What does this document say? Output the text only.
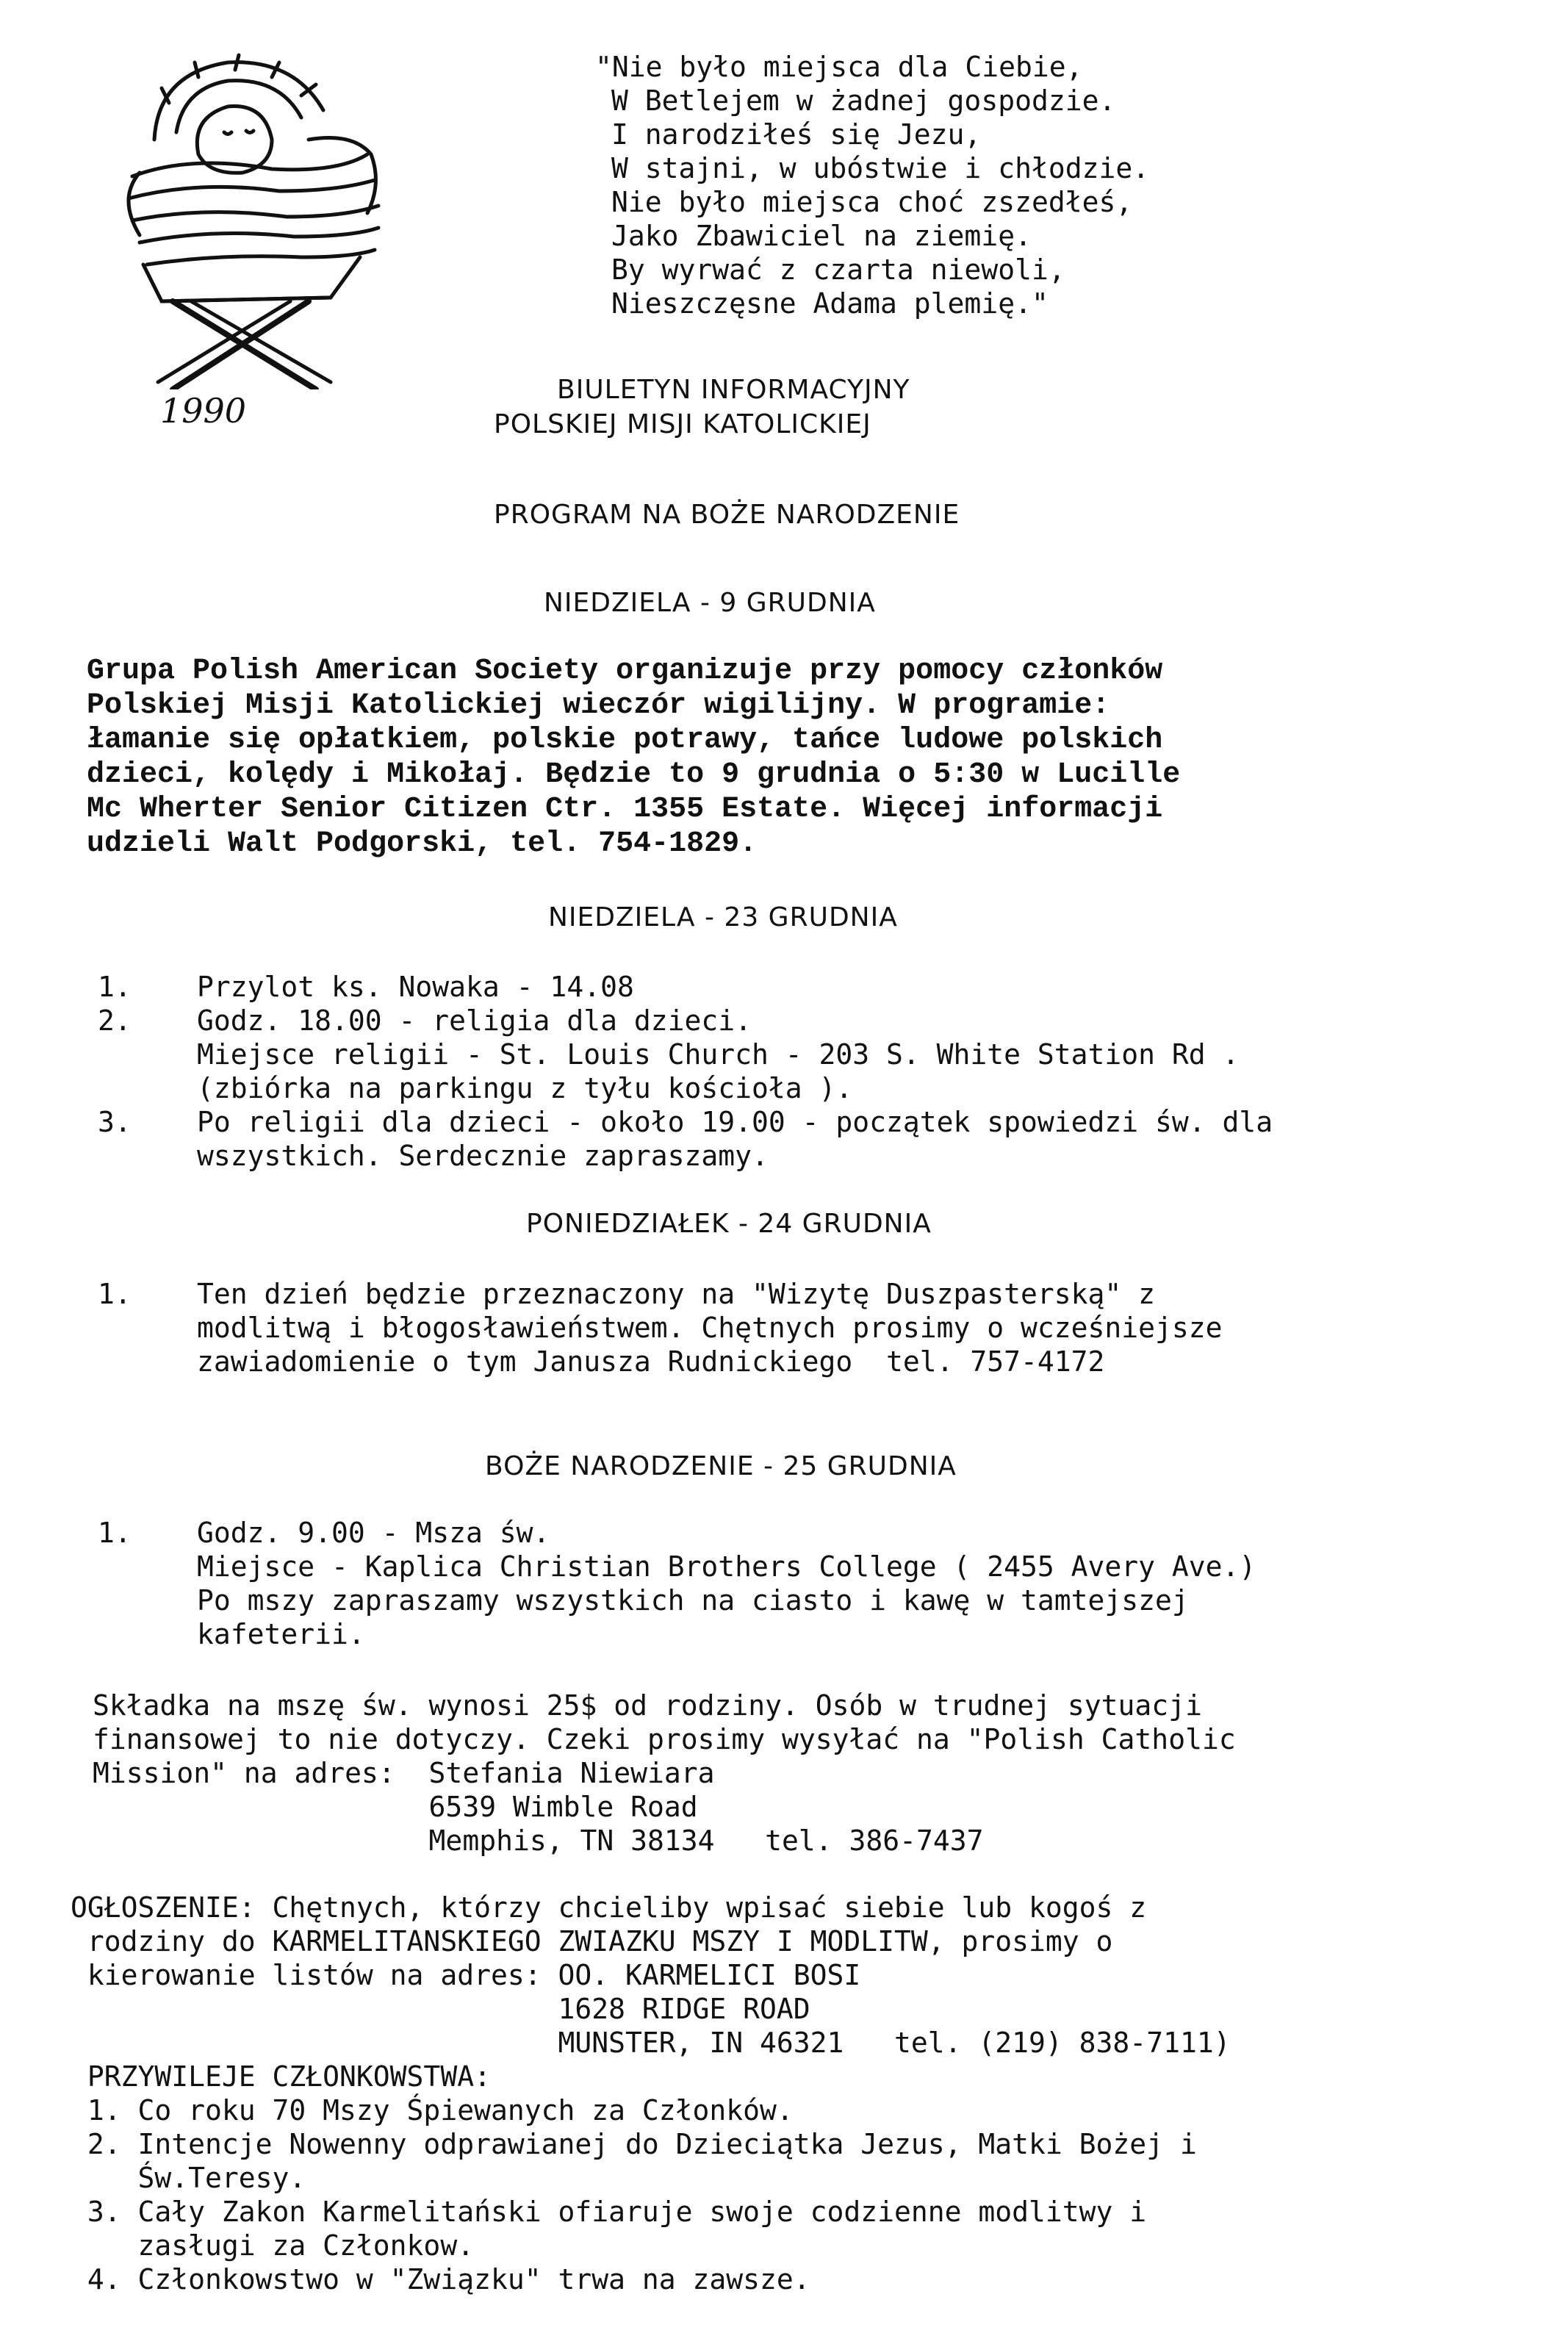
1990
"Nie było miejsca dla Ciebie,
W Betlejem w żadnej gospodzie.
I narodziłeś się Jezu,
W stajni, w ubóstwie i chłodzie.
Nie było miejsca choć zszedłeś,
Jako Zbawiciel na ziemię.
By wyrwać z czarta niewoli,
Nieszczęsne Adama plemię."
BIULETYN INFORMACYJNY
POLSKIEJ MISJI KATOLICKIEJ
PROGRAM NA BOŻE NARODZENIE
NIEDZIELA - 9 GRUDNIA
Grupa Polish American Society organizuje przy pomocy członków
Polskiej Misji Katolickiej wieczór wigilijny. W programie:
łamanie się opłatkiem, polskie potrawy, tańce ludowe polskich
dzieci, kolędy i Mikołaj. Będzie to 9 grudnia o 5:30 w Lucille
Mc Wherter Senior Citizen Ctr. 1355 Estate. Więcej informacji
udzieli Walt Podgorski, tel. 754-1829.
NIEDZIELA - 23 GRUDNIA
1. Przylot ks. Nowaka - 14.08
2. Godz. 18.00 - religia dla dzieci.
Miejsce religii - St. Louis Church - 203 S. White Station Rd .
(zbiórka na parkingu z tyłu kościoła ).
3. Po religii dla dzieci - około 19.00 - początek spowiedzi św. dla
wszystkich. Serdecznie zapraszamy.
PONIEDZIAŁEK - 24 GRUDNIA
1. Ten dzień będzie przeznaczony na "Wizytę Duszpasterską" z
modlitwą i błogosławieństwem. Chętnych prosimy o wcześniejsze
zawiadomienie o tym Janusza Rudnickiego  tel. 757-4172
BOŻE NARODZENIE - 25 GRUDNIA
1. Godz. 9.00 - Msza św.
Miejsce - Kaplica Christian Brothers College ( 2455 Avery Ave.)
Po mszy zapraszamy wszystkich na ciasto i kawę w tamtejszej
kafeterii.
Składka na mszę św. wynosi 25$ od rodziny. Osób w trudnej sytuacji
finansowej to nie dotyczy. Czeki prosimy wysyłać na "Polish Catholic
Mission" na adres:  Stefania Niewiara
6539 Wimble Road
Memphis, TN 38134   tel. 386-7437
OGŁOSZENIE: Chętnych, którzy chcieliby wpisać siebie lub kogoś z
rodziny do KARMELITANSKIEGO ZWIAZKU MSZY I MODLITW, prosimy o
kierowanie listów na adres: OO. KARMELICI BOSI
1628 RIDGE ROAD
MUNSTER, IN 46321   tel. (219) 838-7111)
PRZYWILEJE CZŁONKOWSTWA:
1. Co roku 70 Mszy Śpiewanych za Członków.
2. Intencje Nowenny odprawianej do Dzieciątka Jezus, Matki Bożej i
Św.Teresy.
3. Cały Zakon Karmelitański ofiaruje swoje codzienne modlitwy i
zasługi za Członkow.
4. Członkowstwo w "Związku" trwa na zawsze.
